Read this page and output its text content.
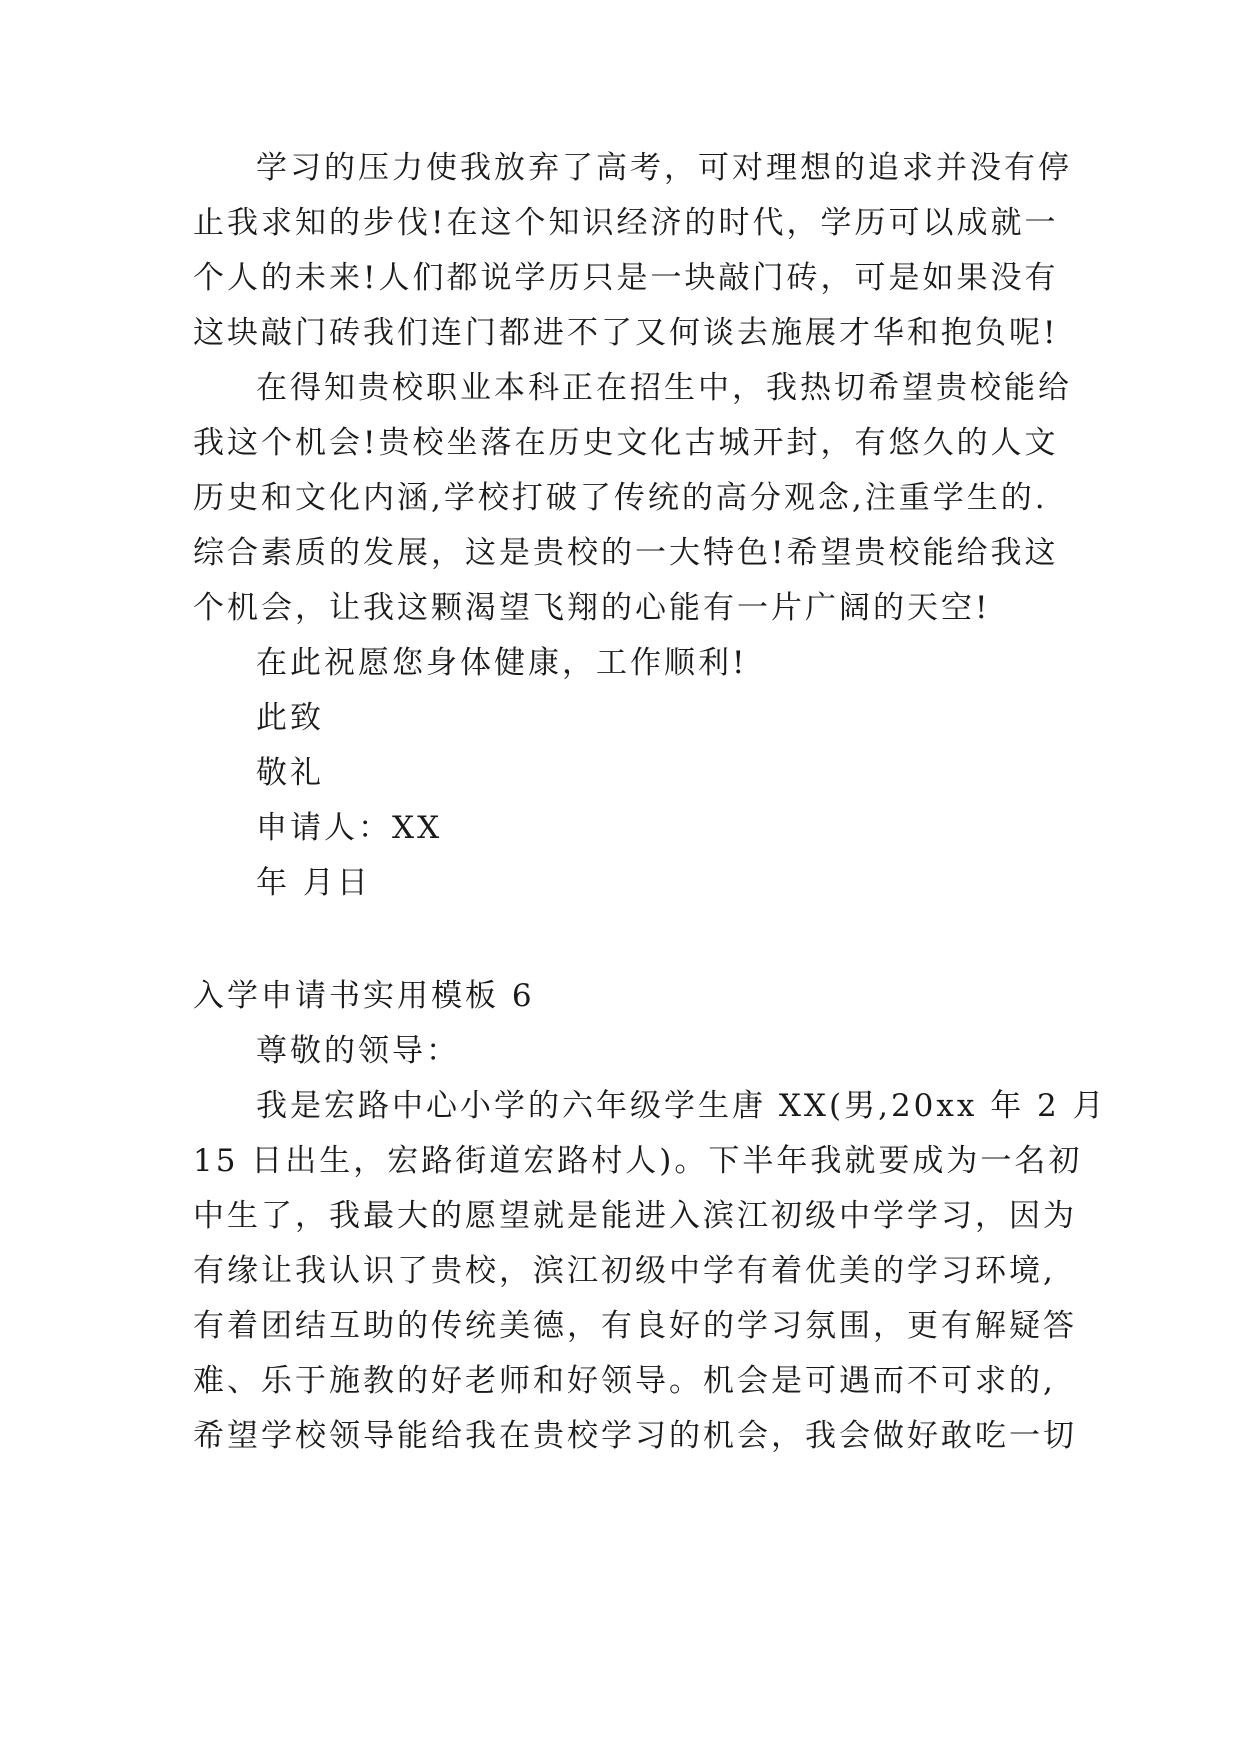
学习的压力使我放弃了高考，可对理想的追求并没有停
止我求知的步伐!在这个知识经济的时代，学历可以成就一
个人的未来!人们都说学历只是一块敲门砖，可是如果没有
这块敲门砖我们连门都进不了又何谈去施展才华和抱负呢!
在得知贵校职业本科正在招生中，我热切希望贵校能给
我这个机会!贵校坐落在历史文化古城开封，有悠久的人文
历史和文化内涵,学校打破了传统的高分观念,注重学生的.
综合素质的发展，这是贵校的一大特色!希望贵校能给我这
个机会，让我这颗渴望飞翔的心能有一片广阔的天空!
在此祝愿您身体健康，工作顺利!
此致
敬礼
申请人：XX
年 月日
入学申请书实用模板 6
尊敬的领导：
我是宏路中心小学的六年级学生唐 XX(男,20xx 年 2 月
15 日出生，宏路街道宏路村人)。下半年我就要成为一名初
中生了，我最大的愿望就是能进入滨江初级中学学习，因为
有缘让我认识了贵校，滨江初级中学有着优美的学习环境,
有着团结互助的传统美德，有良好的学习氛围，更有解疑答
难、乐于施教的好老师和好领导。机会是可遇而不可求的,
希望学校领导能给我在贵校学习的机会，我会做好敢吃一切
